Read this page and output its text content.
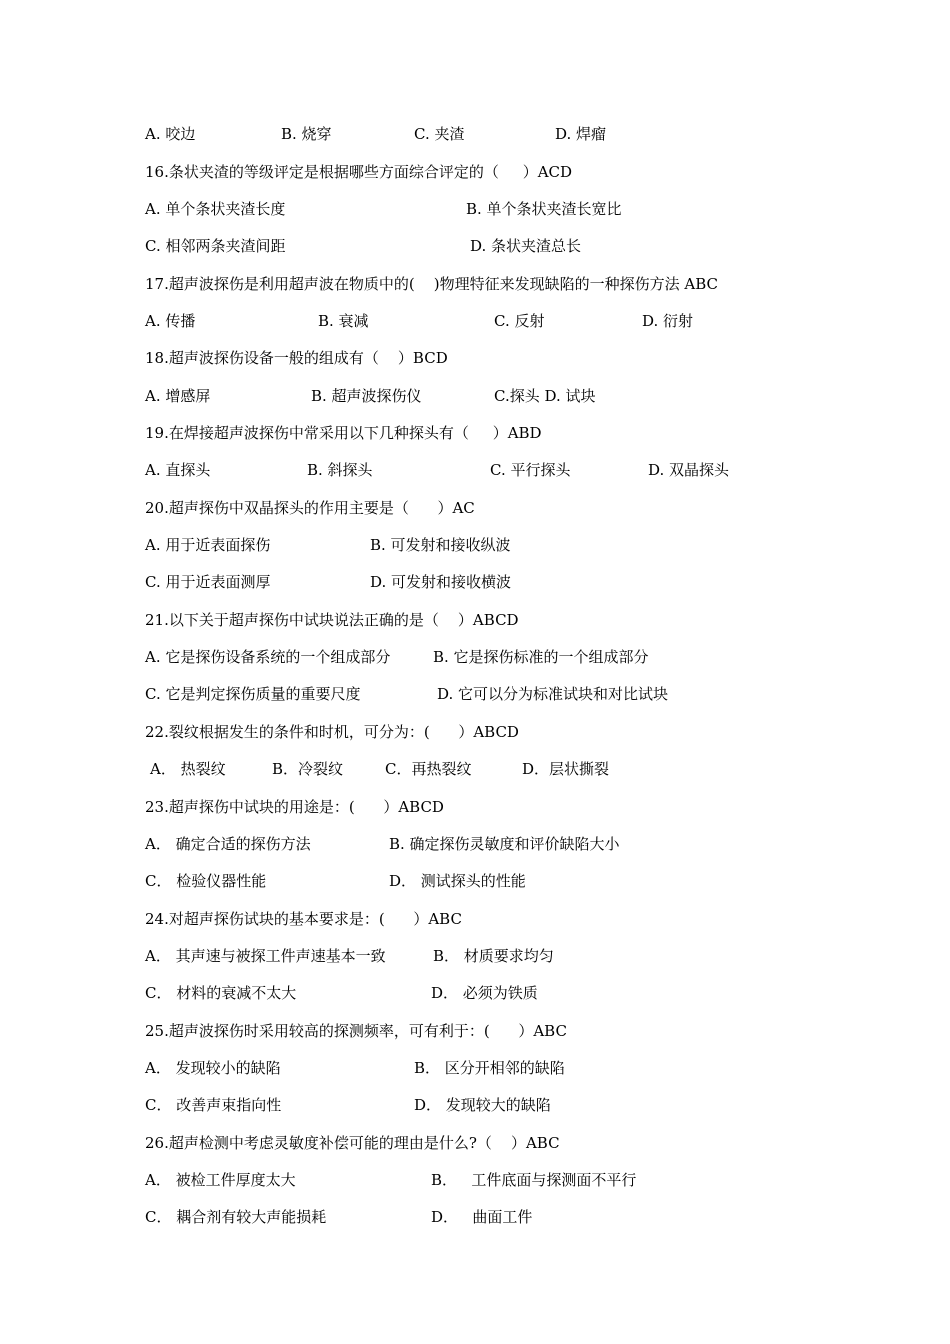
A. 咬边	B. 烧穿	C. 夹渣	D. 焊瘤
16.条状夹渣的等级评定是根据哪些方面综合评定的（     ）ACD
A. 单个条状夹渣长度	B. 单个条状夹渣长宽比
C. 相邻两条夹渣间距	D. 条状夹渣总长
17.超声波探伤是利用超声波在物质中的(    )物理特征来发现缺陷的一种探伤方法 ABC
A. 传播	B. 衰减	C. 反射	D. 衍射
18.超声波探伤设备一般的组成有（    ）BCD
A. 增感屏	B. 超声波探伤仪	C.探头 D. 试块
19.在焊接超声波探伤中常采用以下几种探头有（     ）ABD
A. 直探头	B. 斜探头	C. 平行探头	D. 双晶探头
20.超声探伤中双晶探头的作用主要是（      ）AC
A. 用于近表面探伤	B. 可发射和接收纵波
C. 用于近表面测厚	D. 可发射和接收横波
21.以下关于超声探伤中试块说法正确的是（    ）ABCD
A. 它是探伤设备系统的一个组成部分	B. 它是探伤标准的一个组成部分
C. 它是判定探伤质量的重要尺度	D. 它可以分为标准试块和对比试块
22.裂纹根据发生的条件和时机，可分为：(      ）ABCD
A． 热裂纹	B．冷裂纹	C．再热裂纹	D．层状撕裂
23.超声探伤中试块的用途是：(      ）ABCD
A． 确定合适的探伤方法	B. 确定探伤灵敏度和评价缺陷大小
C． 检验仪器性能	D． 测试探头的性能
24.对超声探伤试块的基本要求是：(      ）ABC
A． 其声速与被探工件声速基本一致	B． 材质要求均匀
C． 材料的衰减不太大	D． 必须为铁质
25.超声波探伤时采用较高的探测频率，可有利于：(      ）ABC
A． 发现较小的缺陷	B． 区分开相邻的缺陷
C． 改善声束指向性	D． 发现较大的缺陷
26.超声检测中考虑灵敏度补偿可能的理由是什么?（    ）ABC
A． 被检工件厚度太大	B．   工件底面与探测面不平行
C． 耦合剂有较大声能损耗	D．   曲面工件
